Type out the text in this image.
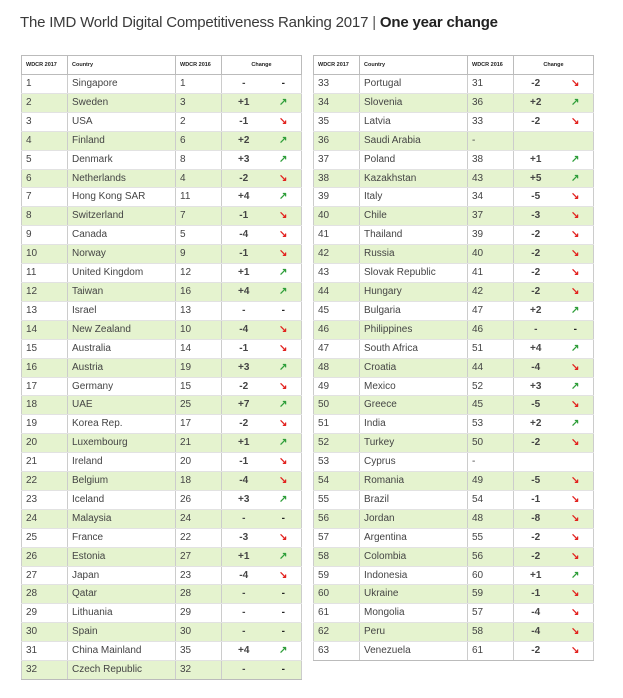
The IMD World Digital Competitiveness Ranking 2017 | One year change
WDCR 2017	Country	WDCR 2016	Change	
1	Singapore	1	-	-
2	Sweden	3	+1	↗
3	USA	2	-1	↘
4	Finland	6	+2	↗
5	Denmark	8	+3	↗
6	Netherlands	4	-2	↘
7	Hong Kong SAR	11	+4	↗
8	Switzerland	7	-1	↘
9	Canada	5	-4	↘
10	Norway	9	-1	↘
11	United Kingdom	12	+1	↗
12	Taiwan	16	+4	↗
13	Israel	13	-	-
14	New Zealand	10	-4	↘
15	Australia	14	-1	↘
16	Austria	19	+3	↗
17	Germany	15	-2	↘
18	UAE	25	+7	↗
19	Korea Rep.	17	-2	↘
20	Luxembourg	21	+1	↗
21	Ireland	20	-1	↘
22	Belgium	18	-4	↘
23	Iceland	26	+3	↗
24	Malaysia	24	-	-
25	France	22	-3	↘
26	Estonia	27	+1	↗
27	Japan	23	-4	↘
28	Qatar	28	-	-
29	Lithuania	29	-	-
30	Spain	30	-	-
31	China Mainland	35	+4	↗
32	Czech Republic	32	-	-
WDCR 2017	Country	WDCR 2016	Change	
33	Portugal	31	-2	↘
34	Slovenia	36	+2	↗
35	Latvia	33	-2	↘
36	Saudi Arabia	-		
37	Poland	38	+1	↗
38	Kazakhstan	43	+5	↗
39	Italy	34	-5	↘
40	Chile	37	-3	↘
41	Thailand	39	-2	↘
42	Russia	40	-2	↘
43	Slovak Republic	41	-2	↘
44	Hungary	42	-2	↘
45	Bulgaria	47	+2	↗
46	Philippines	46	-	-
47	South Africa	51	+4	↗
48	Croatia	44	-4	↘
49	Mexico	52	+3	↗
50	Greece	45	-5	↘
51	India	53	+2	↗
52	Turkey	50	-2	↘
53	Cyprus	-		
54	Romania	49	-5	↘
55	Brazil	54	-1	↘
56	Jordan	48	-8	↘
57	Argentina	55	-2	↘
58	Colombia	56	-2	↘
59	Indonesia	60	+1	↗
60	Ukraine	59	-1	↘
61	Mongolia	57	-4	↘
62	Peru	58	-4	↘
63	Venezuela	61	-2	↘
